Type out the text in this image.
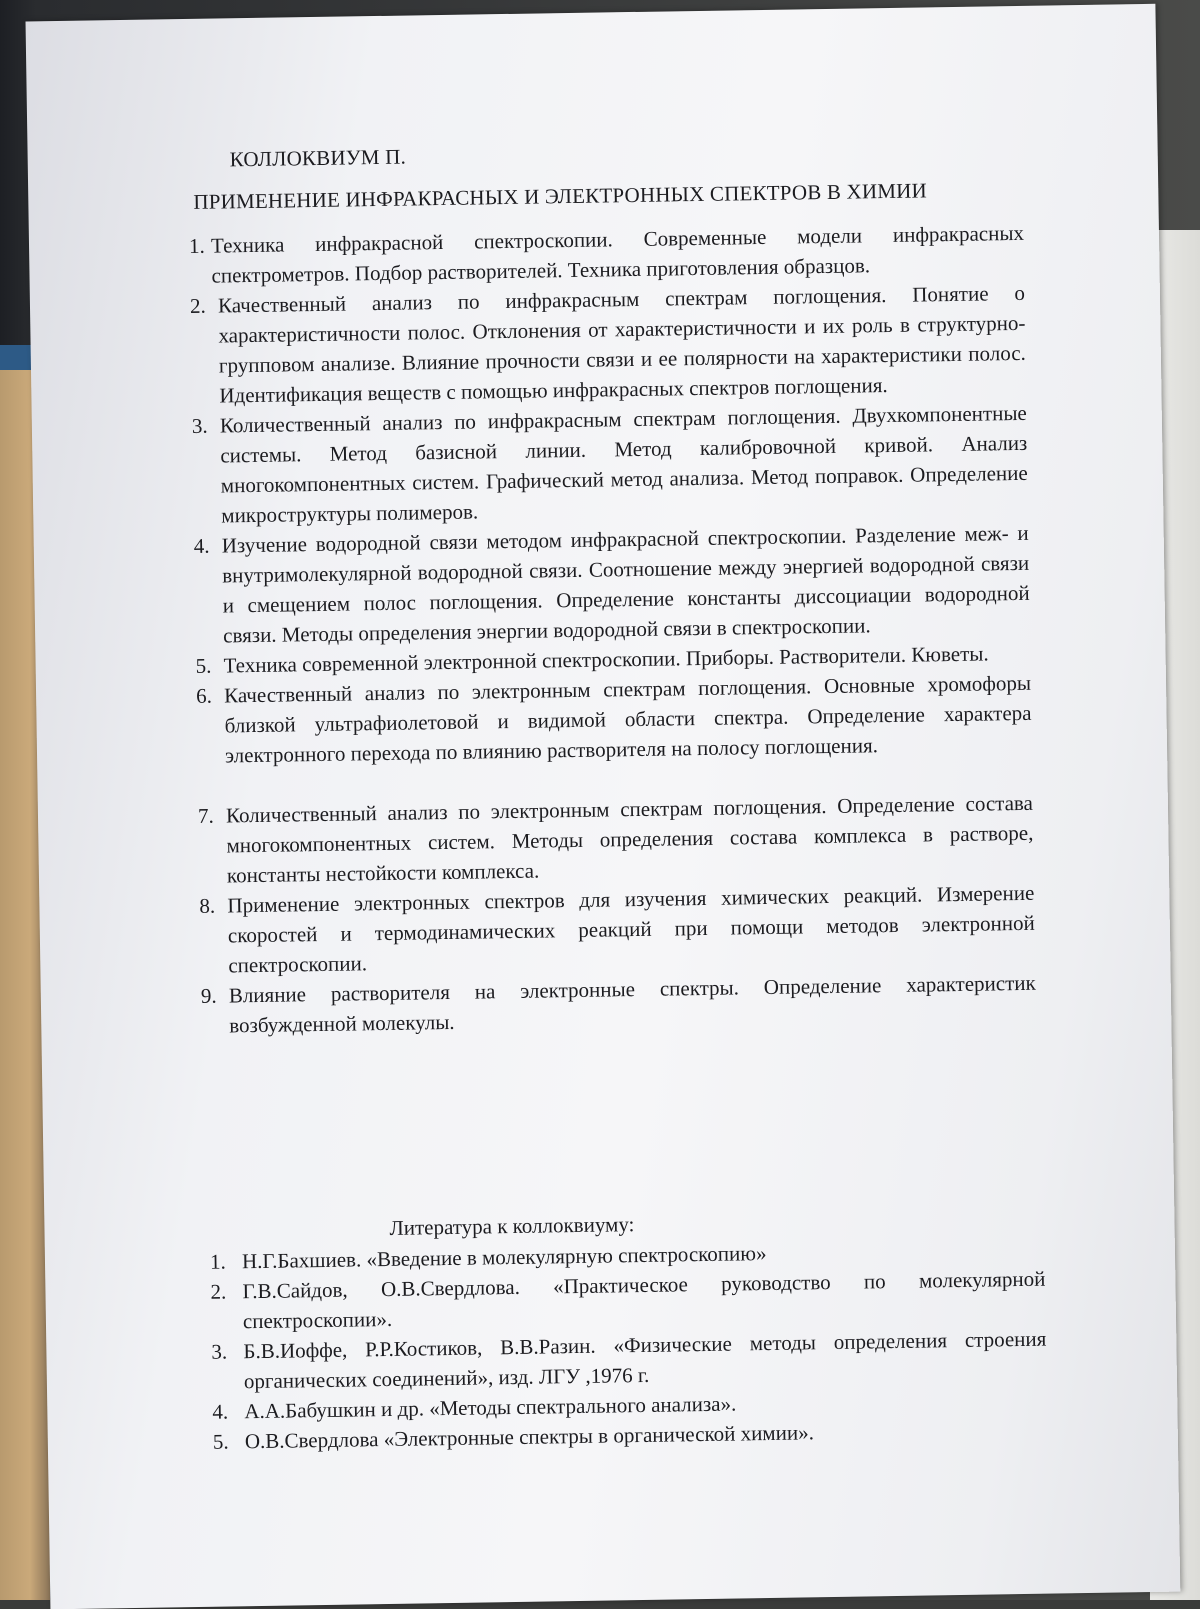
КОЛЛОКВИУМ П.
ПРИМЕНЕНИЕ ИНФРАКРАСНЫХ И ЭЛЕКТРОННЫХ СПЕКТРОВ В ХИМИИ
1. Техника инфракрасной спектроскопии. Современные модели инфракрасных спектрометров. Подбор растворителей. Техника приготовления образцов.
2. Качественный анализ по инфракрасным спектрам поглощения. Понятие о характеристичности полос. Отклонения от характеристичности и их роль в структурно-групповом анализе. Влияние прочности связи и ее полярности на характеристики полос. Идентификация веществ с помощью инфракрасных спектров поглощения.
3. Количественный анализ по инфракрасным спектрам поглощения. Двухкомпонентные системы. Метод базисной линии. Метод калибровочной кривой. Анализ многокомпонентных систем. Графический метод анализа. Метод поправок. Определение микроструктуры полимеров.
4. Изучение водородной связи методом инфракрасной спектроскопии. Разделение меж- и внутримолекулярной водородной связи. Соотношение между энергией водородной связи и смещением полос поглощения. Определение константы диссоциации водородной связи. Методы определения энергии водородной связи в спектроскопии.
5. Техника современной электронной спектроскопии. Приборы. Растворители. Кюветы.
6. Качественный анализ по электронным спектрам поглощения. Основные хромофоры близкой ультрафиолетовой и видимой области спектра. Определение характера электронного перехода по влиянию растворителя на полосу поглощения.
7. Количественный анализ по электронным спектрам поглощения. Определение состава многокомпонентных систем. Методы определения состава комплекса в растворе, константы нестойкости комплекса.
8. Применение электронных спектров для изучения химических реакций. Измерение скоростей и термодинамических реакций при помощи методов электронной спектроскопии.
9. Влияние растворителя на электронные спектры. Определение характеристик возбужденной молекулы.
Литература к коллоквиуму:
1. Н.Г.Бахшиев. «Введение в молекулярную спектроскопию»
2. Г.В.Сайдов, О.В.Свердлова. «Практическое руководство по молекулярной спектроскопии».
3. Б.В.Иоффе, Р.Р.Костиков, В.В.Разин. «Физические методы определения строения органических соединений», изд. ЛГУ ,1976 г.
4. А.А.Бабушкин и др. «Методы спектрального анализа».
5. О.В.Свердлова «Электронные спектры в органической химии».
